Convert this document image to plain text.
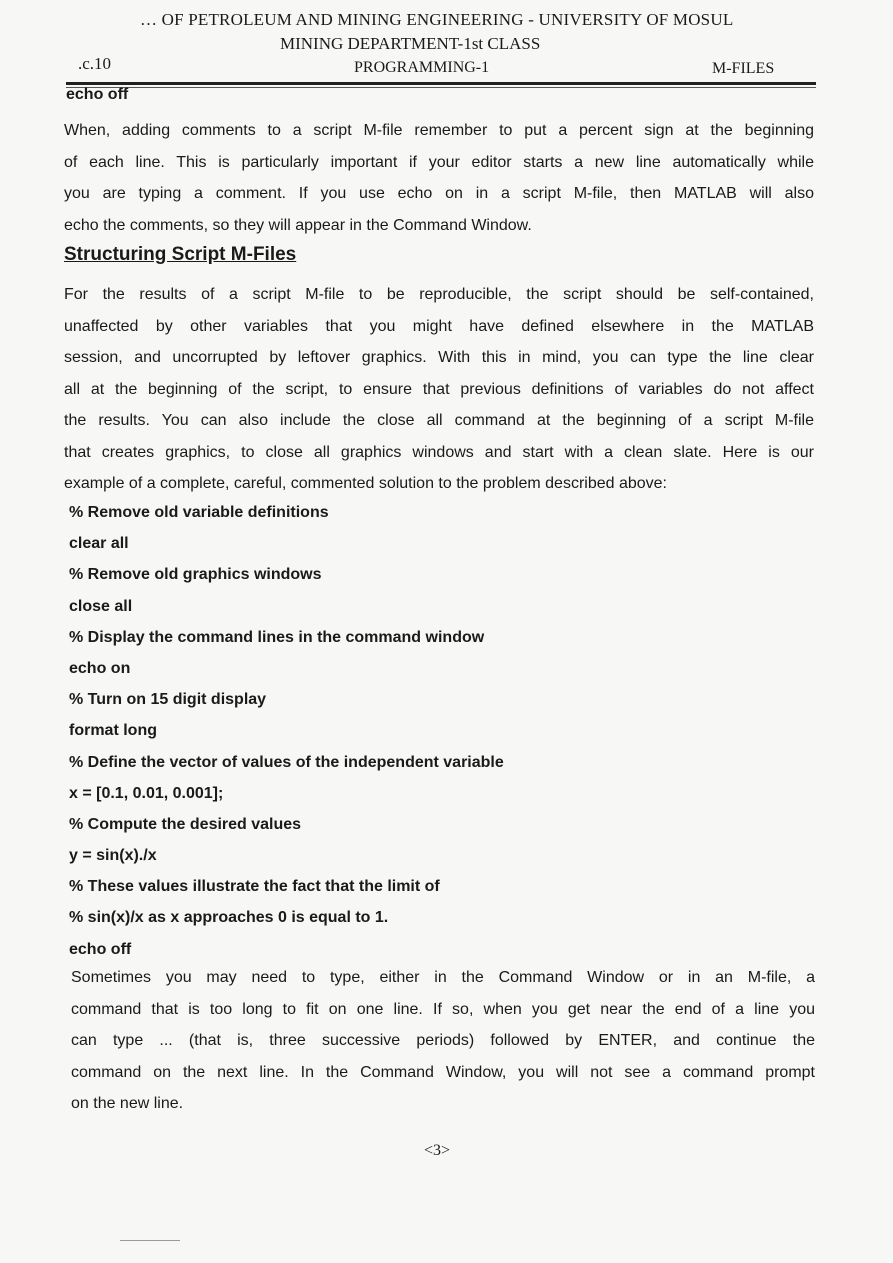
… OF PETROLEUM AND MINING ENGINEERING - UNIVERSITY OF MOSUL
MINING DEPARTMENT-1st CLASS
.c.10	PROGRAMMING-1	M-FILES
echo off
When, adding comments to a script M-file remember to put a percent sign at the beginning
of each line. This is particularly important if your editor starts a new line automatically while
you are typing a comment. If you use echo on in a script M-file, then MATLAB will also
echo the comments, so they will appear in the Command Window.
Structuring Script M-Files
For the results of a script M-file to be reproducible, the script should be self-contained,
unaffected by other variables that you might have defined elsewhere in the MATLAB
session, and uncorrupted by leftover graphics. With this in mind, you can type the line clear
all at the beginning of the script, to ensure that previous definitions of variables do not affect
the results. You can also include the close all command at the beginning of a script M-file
that creates graphics, to close all graphics windows and start with a clean slate. Here is our
example of a complete, careful, commented solution to the problem described above:
% Remove old variable definitions
clear all
% Remove old graphics windows
close all
% Display the command lines in the command window
echo on
% Turn on 15 digit display
format long
% Define the vector of values of the independent variable
x = [0.1, 0.01, 0.001];
% Compute the desired values
y = sin(x)./x
% These values illustrate the fact that the limit of
% sin(x)/x as x approaches 0 is equal to 1.
echo off
Sometimes you may need to type, either in the Command Window or in an M-file, a
command that is too long to fit on one line. If so, when you get near the end of a line you
can type ... (that is, three successive periods) followed by ENTER, and continue the
command on the next line. In the Command Window, you will not see a command prompt
on the new line.
<3>
